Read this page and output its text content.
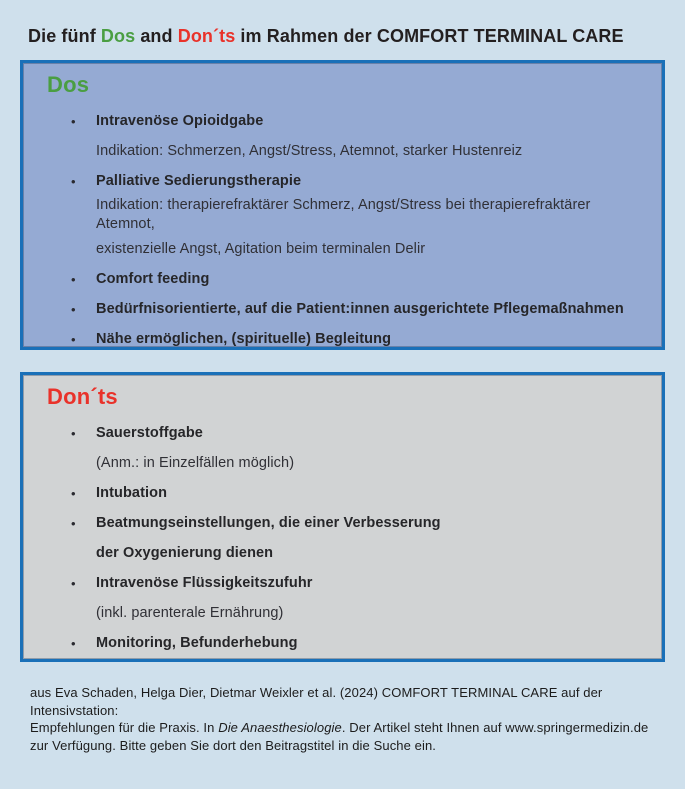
Die fünf Dos and Don´ts im Rahmen der COMFORT TERMINAL CARE
Dos
•	Intravenöse Opioidgabe
Indikation: Schmerzen, Angst/Stress, Atemnot, starker Hustenreiz
•	Palliative Sedierungstherapie
Indikation: therapierefraktärer Schmerz, Angst/Stress bei therapierefraktärer Atemnot,
existenzielle Angst, Agitation beim terminalen Delir
•	Comfort feeding
•	Bedürfnisorientierte, auf die Patient:innen ausgerichtete Pflegemaßnahmen
•	Nähe ermöglichen, (spirituelle) Begleitung
Don´ts
•	Sauerstoffgabe
(Anm.: in Einzelfällen möglich)
•	Intubation
•	Beatmungseinstellungen, die einer Verbesserung
der Oxygenierung dienen
•	Intravenöse Flüssigkeitszufuhr
(inkl. parenterale Ernährung)
•	Monitoring, Befunderhebung
aus Eva Schaden, Helga Dier, Dietmar Weixler et al. (2024) COMFORT TERMINAL CARE auf der Intensivstation:
Empfehlungen für die Praxis. In Die Anaesthesiologie. Der Artikel steht Ihnen auf www.springermedizin.de
zur Verfügung. Bitte geben Sie dort den Beitragstitel in die Suche ein.
